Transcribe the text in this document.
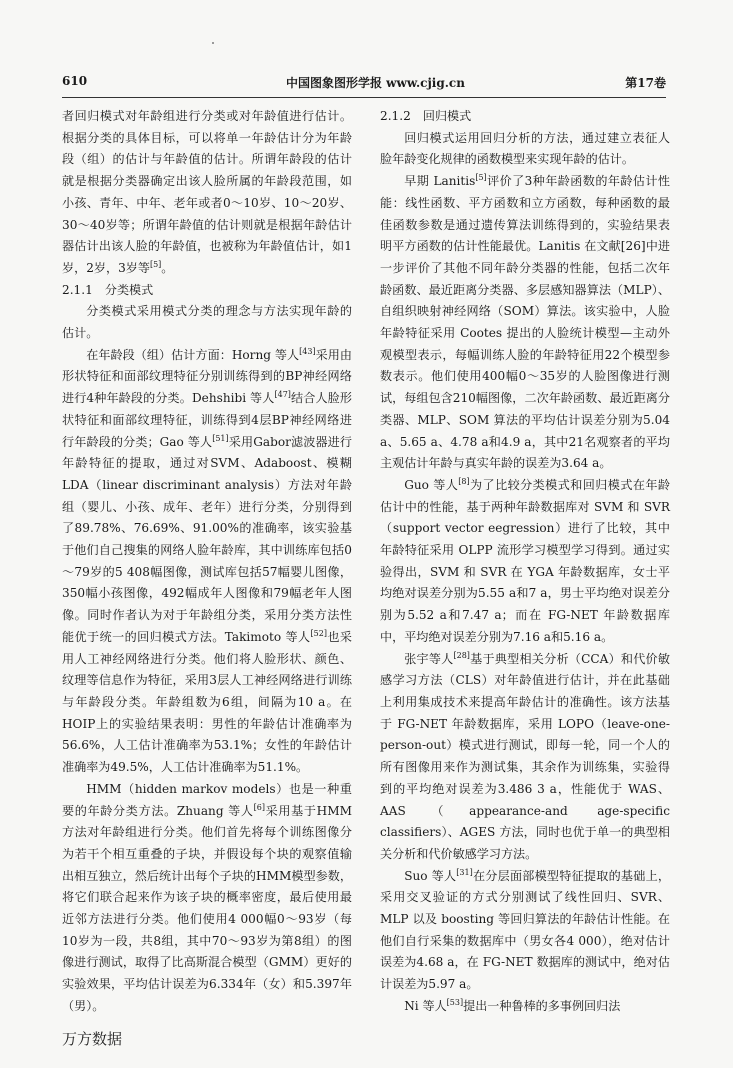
610	中国图象图形学报 www.cjig.cn	第17卷

者回归模式对年龄组进行分类或对年龄值进行估计。根据分类的具体目标，可以将单一年龄估计分为年龄段（组）的估计与年龄值的估计。所谓年龄段的估计就是根据分类器确定出该人脸所属的年龄段范围，如小孩、青年、中年、老年或者0～10岁、10～20岁、30～40岁等；所谓年龄值的估计则就是根据年龄估计器估计出该人脸的年龄值，也被称为年龄值估计，如1岁，2岁，3岁等[5]。

2.1.1　分类模式

分类模式采用模式分类的理念与方法实现年龄的估计。

在年龄段（组）估计方面：Horng 等人[43]采用由形状特征和面部纹理特征分别训练得到的BP神经网络进行4种年龄段的分类。Dehshibi 等人[47]结合人脸形状特征和面部纹理特征，训练得到4层BP神经网络进行年龄段的分类；Gao 等人[51]采用Gabor滤波器进行年龄特征的提取，通过对SVM、Adaboost、模糊 LDA（linear discriminant analysis）方法对年龄组（婴儿、小孩、成年、老年）进行分类，分别得到了89.78%、76.69%、91.00%的准确率，该实验基于他们自己搜集的网络人脸年龄库，其中训练库包括0～79岁的5 408幅图像，测试库包括57幅婴儿图像，350幅小孩图像，492幅成年人图像和79幅老年人图像。同时作者认为对于年龄组分类，采用分类方法性能优于统一的回归模式方法。Takimoto 等人[52]也采用人工神经网络进行分类。他们将人脸形状、颜色、纹理等信息作为特征，采用3层人工神经网络进行训练与年龄段分类。年龄组数为6组，间隔为10 a。在HOIP上的实验结果表明：男性的年龄估计准确率为56.6%，人工估计准确率为53.1%；女性的年龄估计准确率为49.5%，人工估计准确率为51.1%。

HMM（hidden markov models）也是一种重要的年龄分类方法。Zhuang 等人[6]采用基于HMM方法对年龄组进行分类。他们首先将每个训练图像分为若干个相互重叠的子块，并假设每个块的观察值输出相互独立，然后统计出每个子块的HMM模型参数，将它们联合起来作为该子块的概率密度，最后使用最近邻方法进行分类。他们使用4 000幅0～93岁（每10岁为一段，共8组，其中70～93岁为第8组）的图像进行测试，取得了比高斯混合模型（GMM）更好的实验效果，平均估计误差为6.334年（女）和5.397年（男）。

2.1.2　回归模式

回归模式运用回归分析的方法，通过建立表征人脸年龄变化规律的函数模型来实现年龄的估计。

早期 Lanitis[5]评价了3种年龄函数的年龄估计性能：线性函数、平方函数和立方函数，每种函数的最佳函数参数是通过遗传算法训练得到的，实验结果表明平方函数的估计性能最优。Lanitis 在文献[26]中进一步评价了其他不同年龄分类器的性能，包括二次年龄函数、最近距离分类器、多层感知器算法（MLP）、自组织映射神经网络（SOM）算法。该实验中，人脸年龄特征采用 Cootes 提出的人脸统计模型—主动外观模型表示，每幅训练人脸的年龄特征用22个模型参数表示。他们使用400幅0～35岁的人脸图像进行测试，每组包含210幅图像，二次年龄函数、最近距离分类器、MLP、SOM 算法的平均估计误差分别为5.04 a、5.65 a、4.78 a和4.9 a，其中21名观察者的平均主观估计年龄与真实年龄的误差为3.64 a。

Guo 等人[8]为了比较分类模式和回归模式在年龄估计中的性能，基于两种年龄数据库对 SVM 和 SVR（support vector eegression）进行了比较，其中年龄特征采用 OLPP 流形学习模型学习得到。通过实验得出，SVM 和 SVR 在 YGA 年龄数据库，女士平均绝对误差分别为5.55 a和7 a，男士平均绝对误差分别为5.52 a和7.47 a；而在 FG-NET 年龄数据库中，平均绝对误差分别为7.16 a和5.16 a。

张宇等人[28]基于典型相关分析（CCA）和代价敏感学习方法（CLS）对年龄值进行估计，并在此基础上利用集成技术来提高年龄估计的准确性。该方法基于 FG-NET 年龄数据库，采用 LOPO（leave-one-person-out）模式进行测试，即每一轮，同一个人的所有图像用来作为测试集，其余作为训练集，实验得到的平均绝对误差为3.486 3 a，性能优于 WAS、AAS（appearance-and age-specific classifiers）、AGES 方法，同时也优于单一的典型相关分析和代价敏感学习方法。

Suo 等人[31]在分层面部模型特征提取的基础上，采用交叉验证的方式分别测试了线性回归、SVR、MLP 以及 boosting 等回归算法的年龄估计性能。在他们自行采集的数据库中（男女各4 000），绝对估计误差为4.68 a，在 FG-NET 数据库的测试中，绝对估计误差为5.97 a。

Ni 等人[53]提出一种鲁棒的多事例回归法

万方数据
